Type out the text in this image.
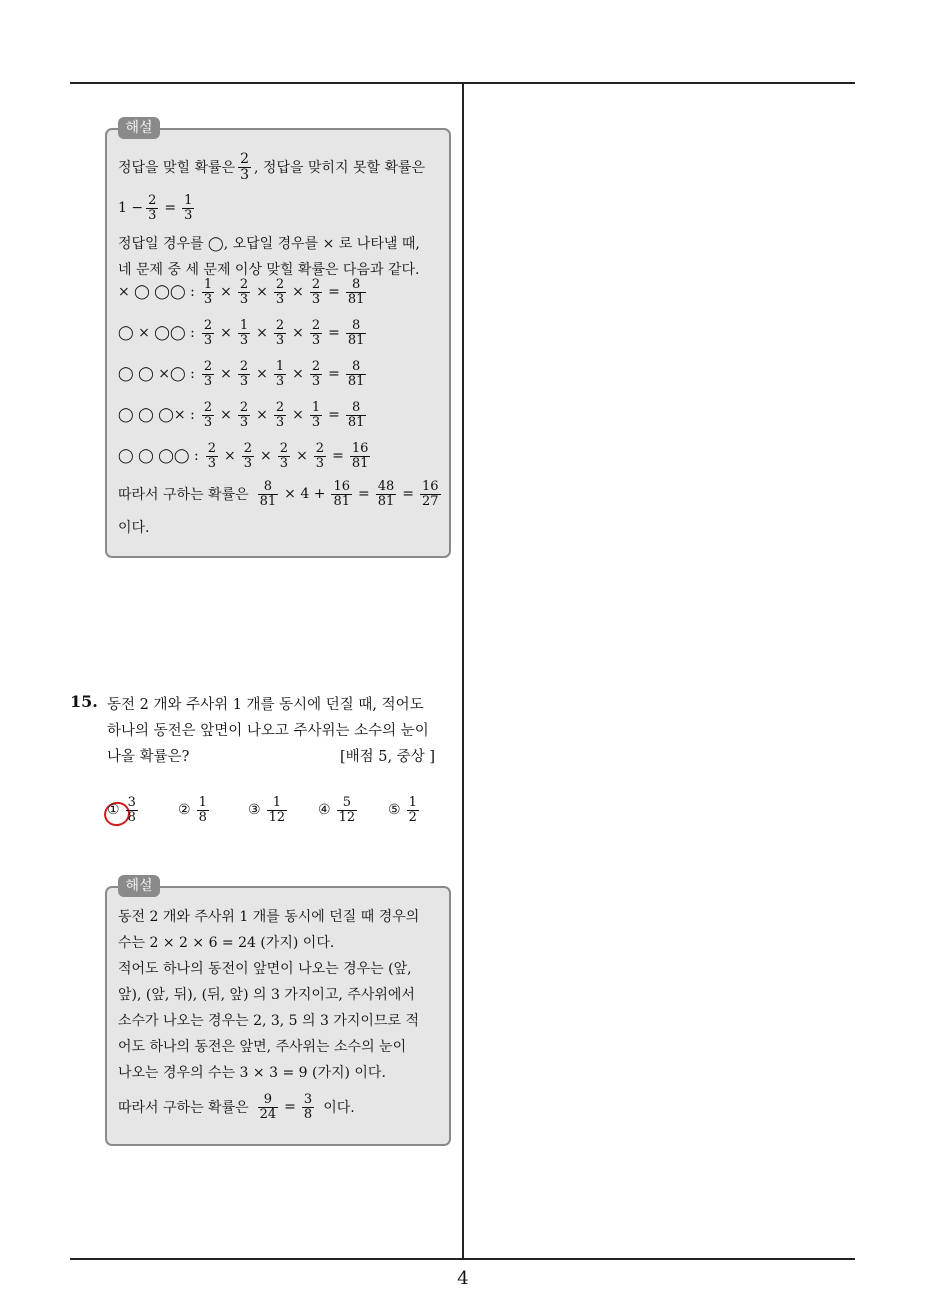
4
해설
정답을 맞힐 확률은 $\frac{2}{3}$ , 정답을 맞히지 못할 확률은
$1 - \frac{2}{3} = \frac{1}{3}$
정답일 경우를 ◯, 오답일 경우를 × 로 나타낼 때,
네 문제 중 세 문제 이상 맞힐 확률은 다음과 같다.
× ◯ ◯◯ : $\frac{1}{3} \times \frac{2}{3} \times \frac{2}{3} \times \frac{2}{3} = \frac{8}{81}$
◯ × ◯◯ : $\frac{2}{3} \times \frac{1}{3} \times \frac{2}{3} \times \frac{2}{3} = \frac{8}{81}$
◯ ◯ ×◯ : $\frac{2}{3} \times \frac{2}{3} \times \frac{1}{3} \times \frac{2}{3} = \frac{8}{81}$
◯ ◯ ◯× : $\frac{2}{3} \times \frac{2}{3} \times \frac{2}{3} \times \frac{1}{3} = \frac{8}{81}$
◯ ◯ ◯◯ : $\frac{2}{3} \times \frac{2}{3} \times \frac{2}{3} \times \frac{2}{3} = \frac{16}{81}$
따라서 구하는 확률은 $\frac{8}{81} \times 4 + \frac{16}{81} = \frac{48}{81} = \frac{16}{27}$
이다.
15. 동전 2 개와 주사위 1 개를 동시에 던질 때, 적어도
하나의 동전은 앞면이 나오고 주사위는 소수의 눈이
나올 확률은?	[배점 5, 중상 ]
① $\frac{3}{8}$	② $\frac{1}{8}$	③ $\frac{1}{12}$ ④ $\frac{5}{12}$ ⑤ $\frac{1}{2}$
해설
동전 2 개와 주사위 1 개를 동시에 던질 때 경우의
수는 2 × 2 × 6 = 24 (가지) 이다.
적어도 하나의 동전이 앞면이 나오는 경우는 (앞,
앞), (앞, 뒤), (뒤, 앞) 의 3 가지이고, 주사위에서
소수가 나오는 경우는 2, 3, 5 의 3 가지이므로 적
어도 하나의 동전은 앞면, 주사위는 소수의 눈이
나오는 경우의 수는 3 × 3 = 9 (가지) 이다.
따라서 구하는 확률은 $\frac{9}{24} = \frac{3}{8}$ 이다.
